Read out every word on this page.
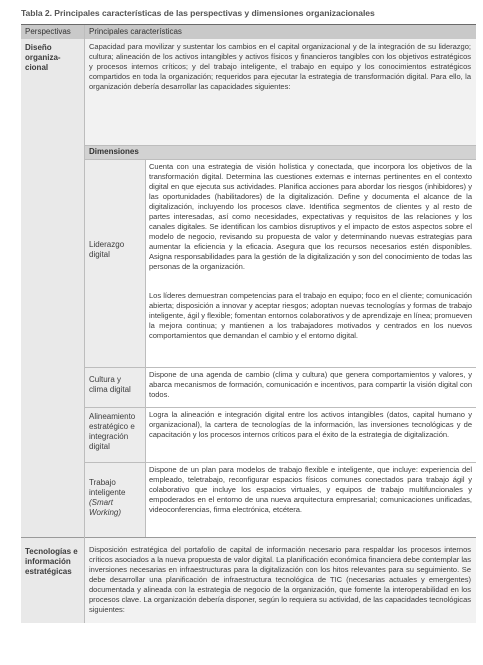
Tabla 2. Principales características de las perspectivas y dimensiones organizacionales
Perspectivas	Principales características
Diseño
organiza-
cional

Capacidad para movilizar y sustentar los cambios en el capital organizacional y de la integración de su liderazgo; cultura; alineación de los activos intangibles y activos físicos y financieros tangibles con los objetivos estratégicos y procesos internos críticos; y del trabajo inteligente, el trabajo en equipo y los conocimientos estratégicos compartidos en toda la organización; requeridos para ejecutar la estrategia de transformación digital. Para ello, la organización debería desarrollar las capacidades siguientes:

Dimensiones
Liderazgo
digital

Cuenta con una estrategia de visión holística y conectada, que incorpora los objetivos de la transformación digital. Determina las cuestiones externas e internas pertinentes en el contexto digital en que ejecuta sus actividades. Planifica acciones para abordar los riesgos (inhibidores) y las oportunidades (habilitadores) de la digitalización. Define y documenta el alcance de la digitalización, incluyendo los procesos clave. Identifica segmentos de clientes y al resto de partes interesadas, así como necesidades, expectativas y requisitos de las relaciones y los canales digitales. Se identifican los cambios disruptivos y el impacto de estos aspectos sobre el modelo de negocio, revisando su propuesta de valor y determinando nuevas estrategias para aumentar la eficiencia y la eficacia. Asegura que los recursos necesarios estén disponibles. Asigna responsabilidades para la gestión de la digitalización y son del conocimiento de todas las personas de la organización.

Los líderes demuestran competencias para el trabajo en equipo; foco en el cliente; comunicación abierta; disposición a innovar y aceptar riesgos; adoptan nuevas tecnologías y formas de trabajo inteligente, ágil y flexible; fomentan entornos colaborativos y de aprendizaje en línea; promueven la mejora continua; y mantienen a los trabajadores motivados y centrados en los nuevos comportamientos que demandan el cambio y el entorno digital.

Cultura y
clima digital

Dispone de una agenda de cambio (clima y cultura) que genera comportamientos y valores, y abarca mecanismos de formación, comunicación e incentivos, para compartir la visión digital con todos.

Alineamiento
estratégico e
integración
digital

Logra la alineación e integración digital entre los activos intangibles (datos, capital humano y organizacional), la cartera de tecnologías de la información, las inversiones tecnológicas y de capacitación y los procesos internos críticos para el éxito de la estrategia de digitalización.

Trabajo
inteligente
(Smart
Working)

Dispone de un plan para modelos de trabajo flexible e inteligente, que incluye: experiencia del empleado, teletrabajo, reconfigurar espacios físicos comunes conectados para trabajo ágil y colaborativo que incluye los espacios virtuales, y equipos de trabajo multifuncionales y empoderados en el entorno de una nueva arquitectura empresarial; comunicaciones unificadas, videoconferencias, firma electrónica, etcétera.

Tecnologías e
información
estratégicas

Disposición estratégica del portafolio de capital de información necesario para respaldar los procesos internos críticos asociados a la nueva propuesta de valor digital. La planificación económica financiera debe contemplar las inversiones necesarias en infraestructuras para la digitalización con los hitos relevantes para su seguimiento. Se debe desarrollar una planificación de infraestructura tecnológica de TIC (necesarias actuales y emergentes) documentada y alineada con la estrategia de negocio de la organización, que fomente la interoperabilidad en los procesos clave. La organización debería disponer, según lo requiera su actividad, de las capacidades tecnológicas siguientes:
